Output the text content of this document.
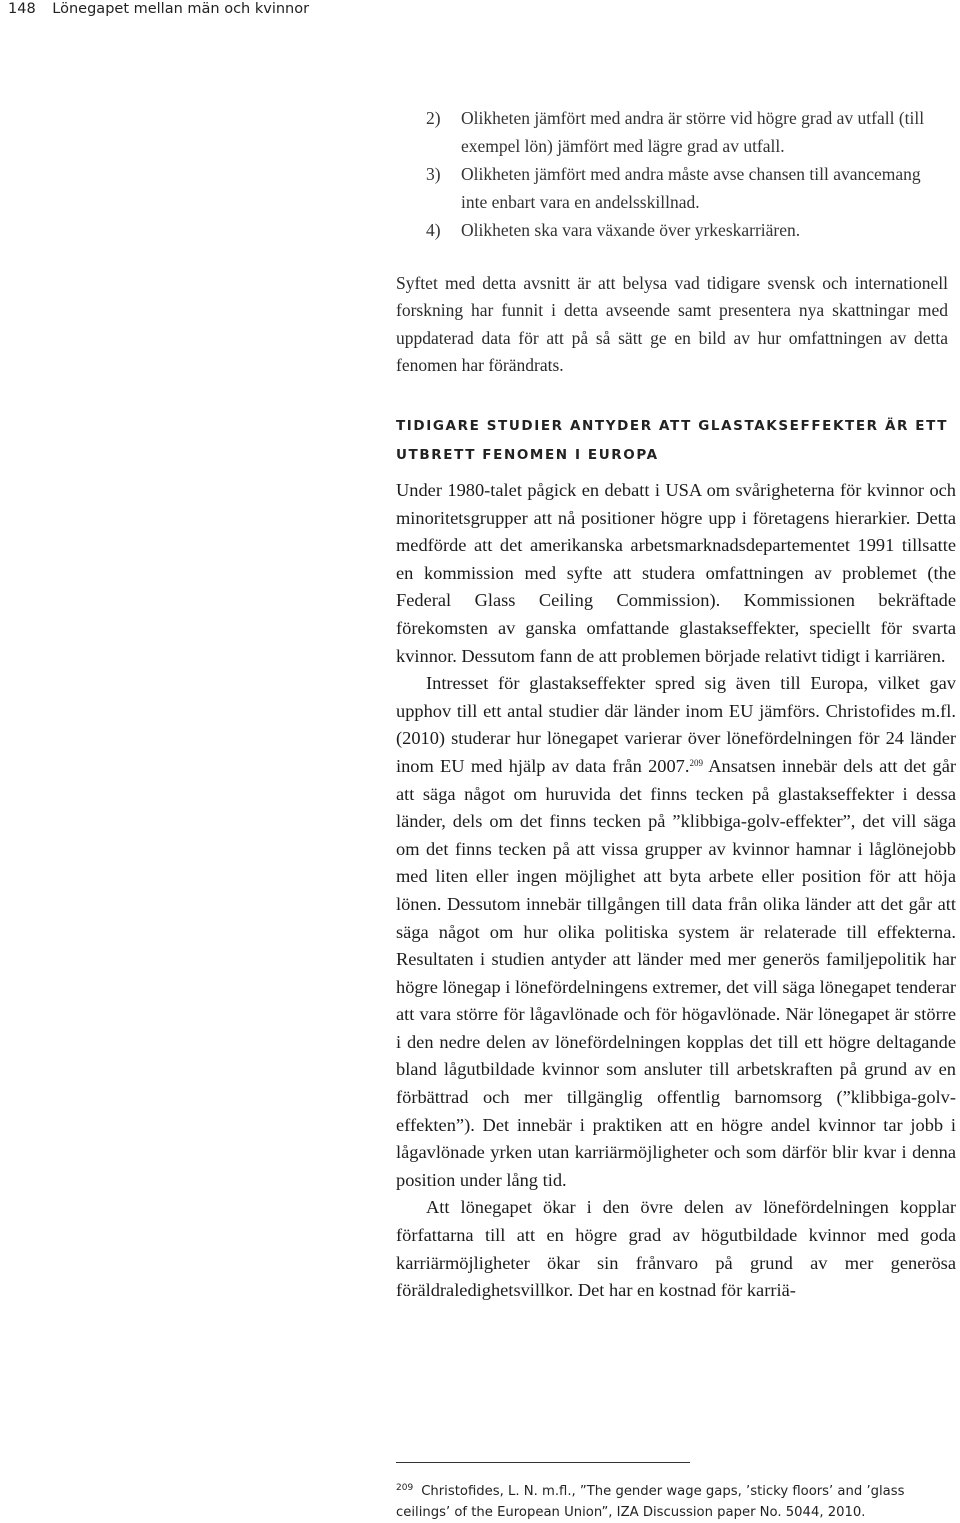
148 Lönegapet mellan män och kvinnor
2)	Olikheten jämfört med andra är större vid högre grad av utfall (till exempel lön) jämfört med lägre grad av utfall.
3)	Olikheten jämfört med andra måste avse chansen till avancemang inte enbart vara en andelsskillnad.
4)	Olikheten ska vara växande över yrkeskarriären.

Syftet med detta avsnitt är att belysa vad tidigare svensk och internationell forskning har funnit i detta avseende samt presentera nya skattningar med uppdaterad data för att på så sätt ge en bild av hur omfattningen av detta fenomen har förändrats.

TIDIGARE STUDIER ANTYDER ATT GLASTAKSEFFEKTER ÄR ETT UTBRETT FENOMEN I EUROPA

Under 1980-talet pågick en debatt i USA om svårigheterna för kvinnor och minoritetsgrupper att nå positioner högre upp i företagens hierarkier. Detta medförde att det amerikanska arbetsmarknadsdepartementet 1991 tillsatte en kommission med syfte att studera omfattningen av problemet (the Federal Glass Ceiling Commission). Kommissionen bekräftade förekomsten av ganska omfattande glastakseffekter, speciellt för svarta kvinnor. Dessutom fann de att problemen började relativt tidigt i karriären.

Intresset för glastakseffekter spred sig även till Europa, vilket gav upphov till ett antal studier där länder inom EU jämförs. Christofides m.fl. (2010) studerar hur lönegapet varierar över lönefördelningen för 24 länder inom EU med hjälp av data från 2007.$^{209}$ Ansatsen innebär dels att det går att säga något om huruvida det finns tecken på glastakseffekter i dessa länder, dels om det finns tecken på ”klibbiga-golv-effekter”, det vill säga om det finns tecken på att vissa grupper av kvinnor hamnar i låglönejobb med liten eller ingen möjlighet att byta arbete eller position för att höja lönen. Dessutom innebär tillgången till data från olika länder att det går att säga något om hur olika politiska system är relaterade till effekterna. Resultaten i studien antyder att länder med mer generös familjepolitik har högre lönegap i lönefördelningens extremer, det vill säga lönegapet tenderar att vara större för lågavlönade och för högavlönade. När lönegapet är större i den nedre delen av lönefördelningen kopplas det till ett högre deltagande bland lågutbildade kvinnor som ansluter till arbetskraften på grund av en förbättrad och mer tillgänglig offentlig barnomsorg (”klibbiga-golv-effekten”). Det innebär i praktiken att en högre andel kvinnor tar jobb i lågavlönade yrken utan karriärmöjligheter och som därför blir kvar i denna position under lång tid.

Att lönegapet ökar i den övre delen av lönefördelningen kopplar författarna till att en högre grad av högutbildade kvinnor med goda karriärmöjligheter ökar sin frånvaro på grund av mer generösa föräldraledighetsvillkor. Det har en kostnad för karriä-

$^{209}$ Christofides, L. N. m.fl., ”The gender wage gaps, ’sticky floors’ and ’glass ceilings’ of the European Union”, IZA Discussion paper No. 5044, 2010.
